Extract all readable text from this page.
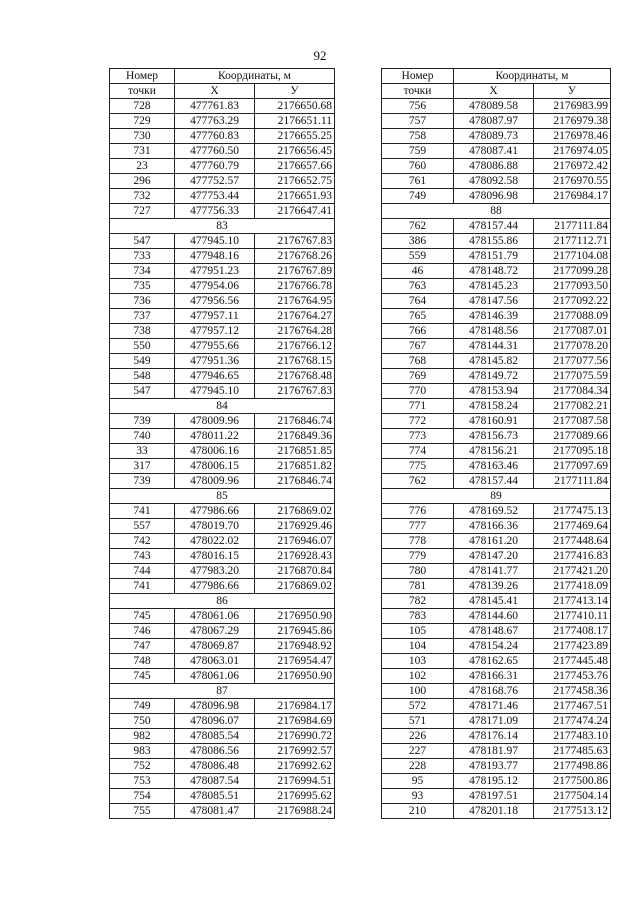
92
Номер	Координаты, м	
точки	X	У
728	477761.83	2176650.68
729	477763.29	2176651.11
730	477760.83	2176655.25
731	477760.50	2176656.45
23	477760.79	2176657.66
296	477752.57	2176652.75
732	477753.44	2176651.93
727	477756.33	2176647.41
83		
547	477945.10	2176767.83
733	477948.16	2176768.26
734	477951.23	2176767.89
735	477954.06	2176766.78
736	477956.56	2176764.95
737	477957.11	2176764.27
738	477957.12	2176764.28
550	477955.66	2176766.12
549	477951.36	2176768.15
548	477946.65	2176768.48
547	477945.10	2176767.83
84		
739	478009.96	2176846.74
740	478011.22	2176849.36
33	478006.16	2176851.85
317	478006.15	2176851.82
739	478009.96	2176846.74
85		
741	477986.66	2176869.02
557	478019.70	2176929.46
742	478022.02	2176946.07
743	478016.15	2176928.43
744	477983.20	2176870.84
741	477986.66	2176869.02
86		
745	478061.06	2176950.90
746	478067.29	2176945.86
747	478069.87	2176948.92
748	478063.01	2176954.47
745	478061.06	2176950.90
87		
749	478096.98	2176984.17
750	478096.07	2176984.69
982	478085.54	2176990.72
983	478086.56	2176992.57
752	478086.48	2176992.62
753	478087.54	2176994.51
754	478085.51	2176995.62
755	478081.47	2176988.24
Номер	Координаты, м	
точки	X	У
756	478089.58	2176983.99
757	478087.97	2176979.38
758	478089.73	2176978.46
759	478087.41	2176974.05
760	478086.88	2176972.42
761	478092.58	2176970.55
749	478096.98	2176984.17
88		
762	478157.44	2177111.84
386	478155.86	2177112.71
559	478151.79	2177104.08
46	478148.72	2177099.28
763	478145.23	2177093.50
764	478147.56	2177092.22
765	478146.39	2177088.09
766	478148.56	2177087.01
767	478144.31	2177078.20
768	478145.82	2177077.56
769	478149.72	2177075.59
770	478153.94	2177084.34
771	478158.24	2177082.21
772	478160.91	2177087.58
773	478156.73	2177089.66
774	478156.21	2177095.18
775	478163.46	2177097.69
762	478157.44	2177111.84
89		
776	478169.52	2177475.13
777	478166.36	2177469.64
778	478161.20	2177448.64
779	478147.20	2177416.83
780	478141.77	2177421.20
781	478139.26	2177418.09
782	478145.41	2177413.14
783	478144.60	2177410.11
105	478148.67	2177408.17
104	478154.24	2177423.89
103	478162.65	2177445.48
102	478166.31	2177453.76
100	478168.76	2177458.36
572	478171.46	2177467.51
571	478171.09	2177474.24
226	478176.14	2177483.10
227	478181.97	2177485.63
228	478193.77	2177498.86
95	478195.12	2177500.86
93	478197.51	2177504.14
210	478201.18	2177513.12
